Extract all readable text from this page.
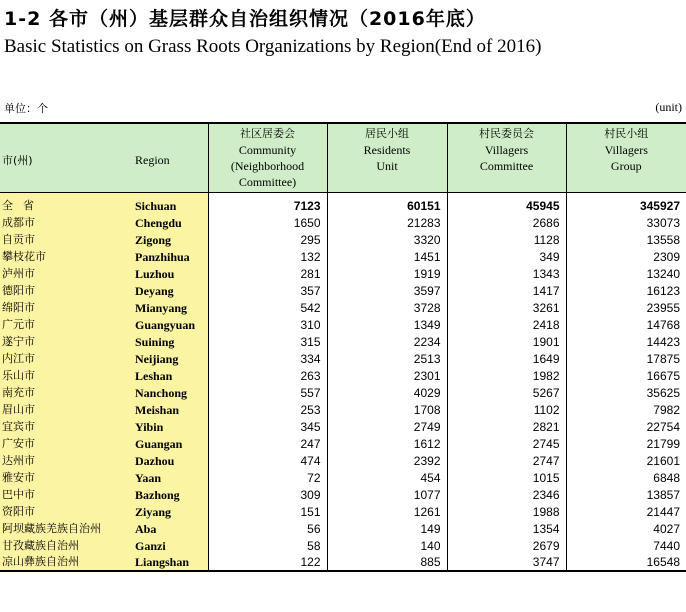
1-2 各市（州）基层群众自治组织情况（2016年底）
Basic Statistics on Grass Roots Organizations by Region(End of 2016)
单位：个	(unit)
市(州)	Region	社区居委会
Community
(Neighborhood
Committee)	居民小组
Residents
Unit	村民委员会
Villagers
Committee	村民小组
Villagers
Group

全省	Sichuan	7123	60151	45945	345927
成都市	Chengdu	1650	21283	2686	33073
自贡市	Zigong	295	3320	1128	13558
攀枝花市	Panzhihua	132	1451	349	2309
泸州市	Luzhou	281	1919	1343	13240
德阳市	Deyang	357	3597	1417	16123
绵阳市	Mianyang	542	3728	3261	23955
广元市	Guangyuan	310	1349	2418	14768
遂宁市	Suining	315	2234	1901	14423
内江市	Neijiang	334	2513	1649	17875
乐山市	Leshan	263	2301	1982	16675
南充市	Nanchong	557	4029	5267	35625
眉山市	Meishan	253	1708	1102	7982
宜宾市	Yibin	345	2749	2821	22754
广安市	Guangan	247	1612	2745	21799
达州市	Dazhou	474	2392	2747	21601
雅安市	Yaan	72	454	1015	6848
巴中市	Bazhong	309	1077	2346	13857
资阳市	Ziyang	151	1261	1988	21447
阿坝藏族羌族自治州	Aba	56	149	1354	4027
甘孜藏族自治州	Ganzi	58	140	2679	7440
凉山彝族自治州	Liangshan	122	885	3747	16548
